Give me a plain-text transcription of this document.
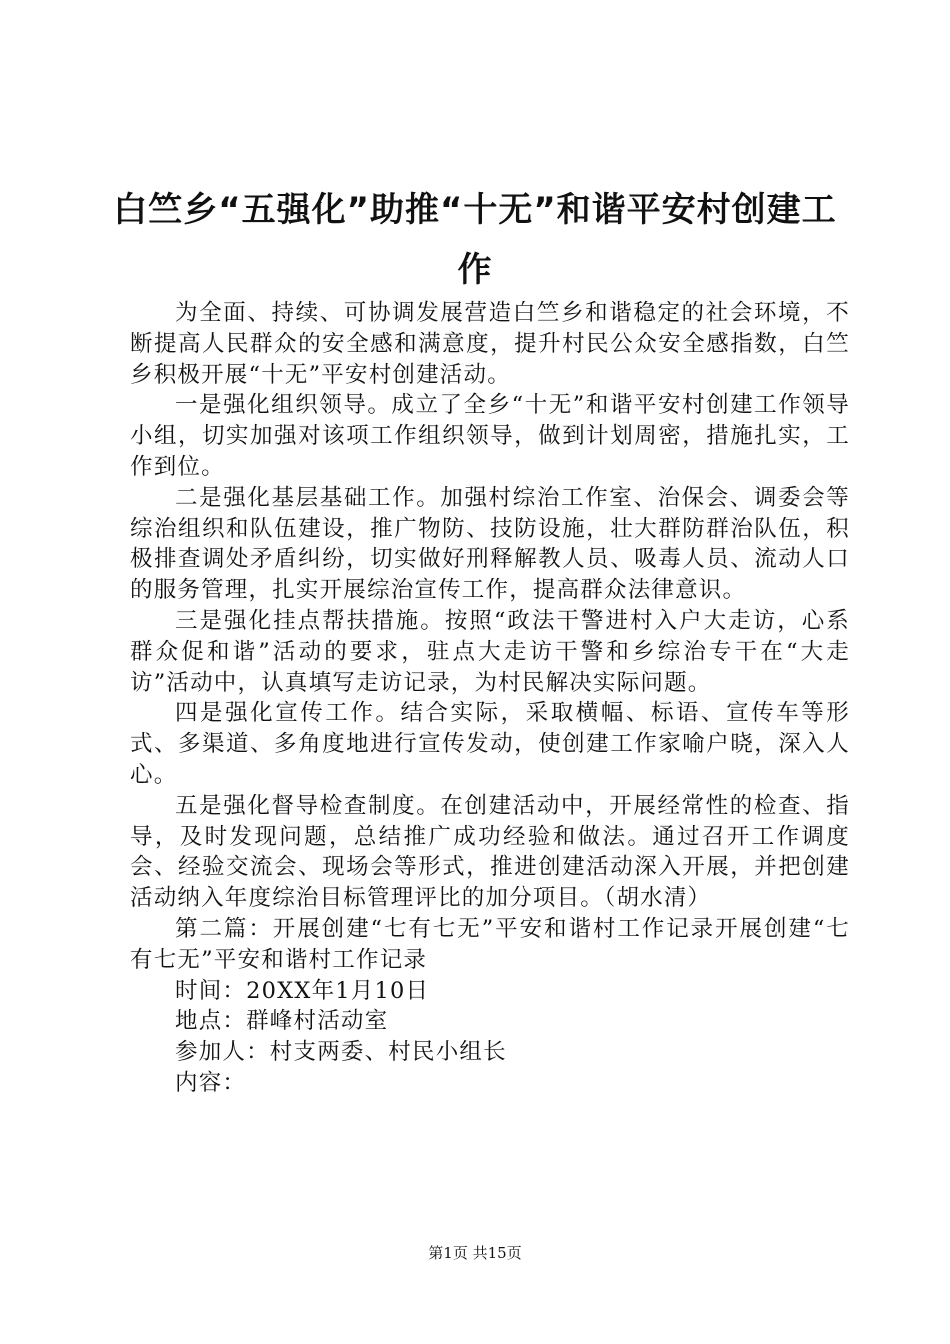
白竺乡“五强化”助推“十无”和谐平安村创建工作

为全面、持续、可协调发展营造白竺乡和谐稳定的社会环境，不断提高人民群众的安全感和满意度，提升村民公众安全感指数，白竺乡积极开展“十无”平安村创建活动。

一是强化组织领导。成立了全乡“十无”和谐平安村创建工作领导小组，切实加强对该项工作组织领导，做到计划周密，措施扎实，工作到位。

二是强化基层基础工作。加强村综治工作室、治保会、调委会等综治组织和队伍建设，推广物防、技防设施，壮大群防群治队伍，积极排查调处矛盾纠纷，切实做好刑释解教人员、吸毒人员、流动人口的服务管理，扎实开展综治宣传工作，提高群众法律意识。

三是强化挂点帮扶措施。按照“政法干警进村入户大走访，心系群众促和谐”活动的要求，驻点大走访干警和乡综治专干在“大走访”活动中，认真填写走访记录，为村民解决实际问题。

四是强化宣传工作。结合实际，采取横幅、标语、宣传车等形式、多渠道、多角度地进行宣传发动，使创建工作家喻户晓，深入人心。

五是强化督导检查制度。在创建活动中，开展经常性的检查、指导，及时发现问题，总结推广成功经验和做法。通过召开工作调度会、经验交流会、现场会等形式，推进创建活动深入开展，并把创建活动纳入年度综治目标管理评比的加分项目。（胡水清）

第二篇：开展创建“七有七无”平安和谐村工作记录开展创建“七有七无”平安和谐村工作记录

时间：20XX年1月10日

地点：群峰村活动室

参加人：村支两委、村民小组长

内容：

第1页 共15页
